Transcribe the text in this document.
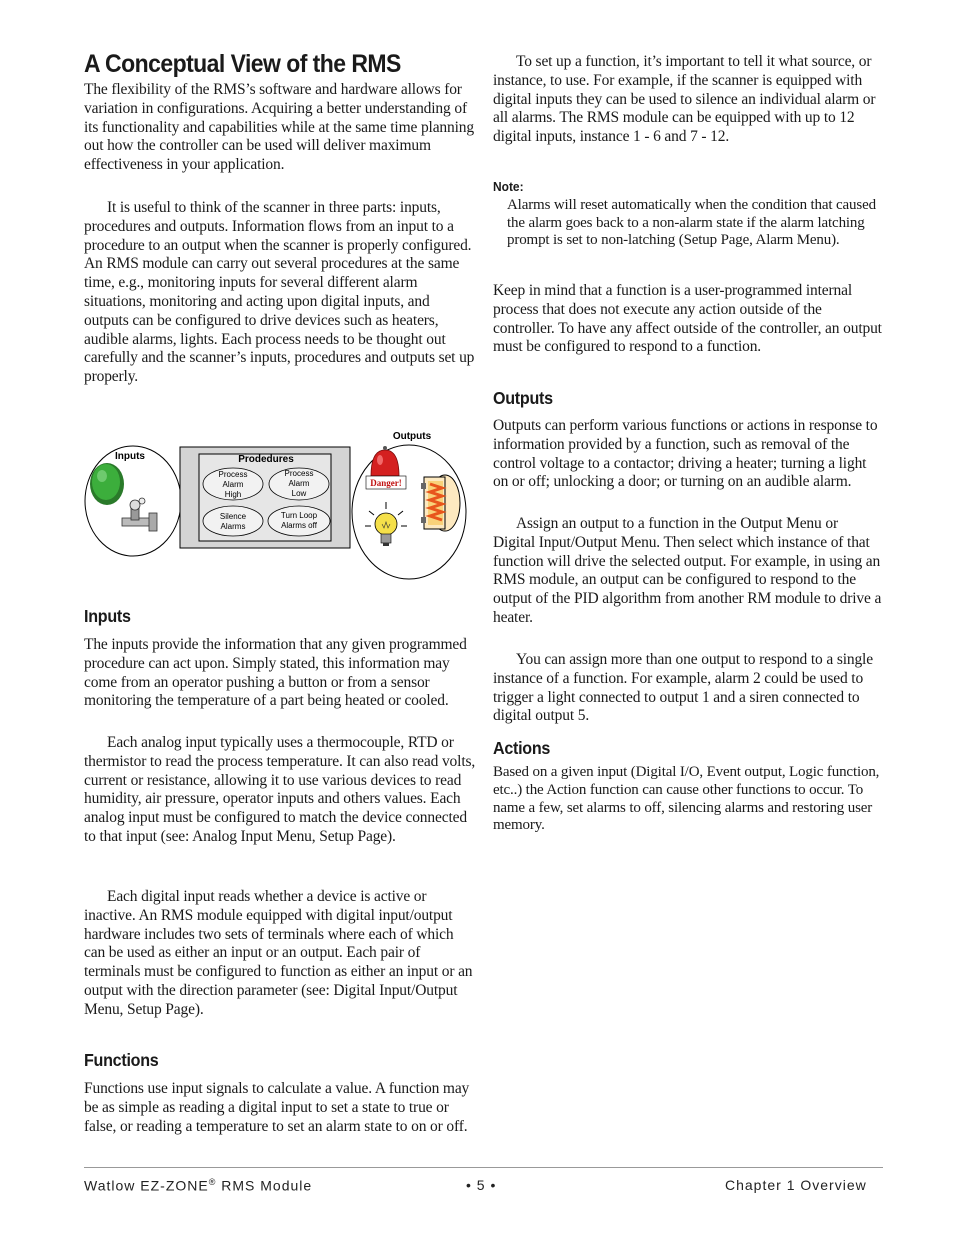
A Conceptual View of the RMS

The flexibility of the RMS’s software and hardware allows for variation in configurations. Acquiring a better understanding of its functionality and capabilities while at the same time planning out how the controller can be used will deliver maximum effectiveness in your application.

It is useful to think of the scanner in three parts: inputs, procedures and outputs. Information flows from an input to a procedure to an output when the scanner is properly configured. An RMS module can carry out several procedures at the same time, e.g., monitoring inputs for several different alarm situations, monitoring and acting upon digital inputs, and outputs can be configured to drive devices such as heaters, audible alarms, lights. Each process needs to be thought out carefully and the scanner’s inputs, procedures and outputs set up properly.

Inputs

The inputs provide the information that any given programmed procedure can act upon. Simply stated, this information may come from an operator pushing a button or from a sensor monitoring the temperature of a part being heated or cooled.

Each analog input typically uses a thermocouple, RTD or thermistor to read the process temperature. It can also read volts, current or resistance, allowing it to use various devices to read humidity, air pressure, operator inputs and others values. Each analog input must be configured to match the device connected to that input (see: Analog Input Menu, Setup Page).

Each digital input reads whether a device is active or inactive. An RMS module equipped with digital input/output hardware includes two sets of terminals where each of which can be used as either an input or an output. Each pair of terminals must be configured to function as either an input or an output with the direction parameter (see: Digital Input/Output Menu, Setup Page).

Functions

Functions use input signals to calculate a value. A function may be as simple as reading a digital input to set a state to true or false, or reading a temperature to set an alarm state to on or off.

Inputs	Prodedures
Process
Alarm
High
Process
Alarm
Low
Silence
Alarms
Turn Loop
Alarms off
Outputs
Danger!

To set up a function, it’s important to tell it what source, or instance, to use. For example, if the scanner is equipped with digital inputs they can be used to silence an individual alarm or all alarms. The RMS module can be equipped with up to 12 digital inputs, instance 1 - 6 and 7 - 12.

Note:

Alarms will reset automatically when the condition that caused the alarm goes back to a non-alarm state if the alarm latching prompt is set to non-latching (Setup Page, Alarm Menu).

Keep in mind that a function is a user-programmed internal process that does not execute any action outside of the controller. To have any affect outside of the controller, an output must be configured to respond to a function.

Outputs

Outputs can perform various functions or actions in response to information provided by a function, such as removal of the control voltage to a contactor; driving a heater; turning a light on or off; unlocking a door; or turning on an audible alarm.

Assign an output to a function in the Output Menu or Digital Input/Output Menu. Then select which instance of that function will drive the selected output. For example, in using an RMS module, an output can be configured to respond to the output of the PID algorithm from another RM module to drive a heater.

You can assign more than one output to respond to a single instance of a function. For example, alarm 2 could be used to trigger a light connected to output 1 and a siren connected to digital output 5.

Actions

Based on a given input (Digital I/O, Event output, Logic function, etc..) the Action function can cause other functions to occur. To name a few, set alarms to off, silencing alarms and restoring user memory.

Watlow EZ-ZONE® RMS Module	• 5 •	Chapter 1 Overview
